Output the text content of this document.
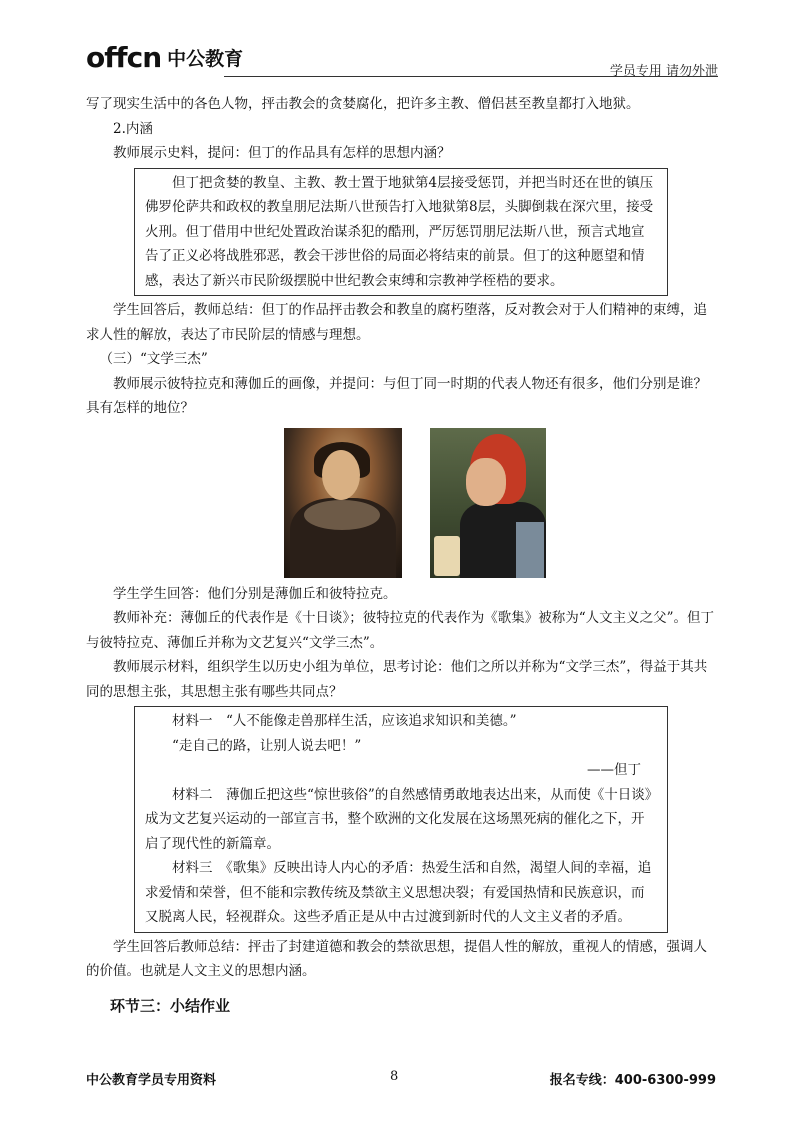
offcn 中公教育
学员专用 请勿外泄

写了现实生活中的各色人物，抨击教会的贪婪腐化，把许多主教、僧侣甚至教皇都打入地狱。

2.内涵

教师展示史料，提问：但丁的作品具有怎样的思想内涵？

但丁把贪婪的教皇、主教、教士置于地狱第4层接受惩罚，并把当时还在世的镇压佛罗伦萨共和政权的教皇朋尼法斯八世预告打入地狱第8层，头脚倒栽在深穴里，接受火刑。但丁借用中世纪处置政治谋杀犯的酷刑，严厉惩罚朋尼法斯八世，预言式地宣告了正义必将战胜邪恶，教会干涉世俗的局面必将结束的前景。但丁的这种愿望和情感，表达了新兴市民阶级摆脱中世纪教会束缚和宗教神学桎梏的要求。

学生回答后，教师总结：但丁的作品抨击教会和教皇的腐朽堕落，反对教会对于人们精神的束缚，追求人性的解放，表达了市民阶层的情感与理想。

（三）“文学三杰”

教师展示彼特拉克和薄伽丘的画像，并提问：与但丁同一时期的代表人物还有很多，他们分别是谁？具有怎样的地位？

学生学生回答：他们分别是薄伽丘和彼特拉克。

教师补充：薄伽丘的代表作是《十日谈》；彼特拉克的代表作为《歌集》被称为“人文主义之父”。但丁与彼特拉克、薄伽丘并称为文艺复兴“文学三杰”。

教师展示材料，组织学生以历史小组为单位，思考讨论：他们之所以并称为“文学三杰”，得益于其共同的思想主张，其思想主张有哪些共同点？

材料一　“人不能像走兽那样生活，应该追求知识和美德。”

“走自己的路，让别人说去吧！”

——但丁

材料二　薄伽丘把这些“惊世骇俗”的自然感情勇敢地表达出来，从而使《十日谈》成为文艺复兴运动的一部宣言书，整个欧洲的文化发展在这场黑死病的催化之下，开启了现代性的新篇章。

材料三　《歌集》反映出诗人内心的矛盾：热爱生活和自然，渴望人间的幸福，追求爱情和荣誉，但不能和宗教传统及禁欲主义思想决裂；有爱国热情和民族意识，而又脱离人民，轻视群众。这些矛盾正是从中古过渡到新时代的人文主义者的矛盾。

学生回答后教师总结：抨击了封建道德和教会的禁欲思想，提倡人性的解放，重视人的情感，强调人的价值。也就是人文主义的思想内涵。

环节三：小结作业
中公教育学员专用资料	8	报名专线：400-6300-999
